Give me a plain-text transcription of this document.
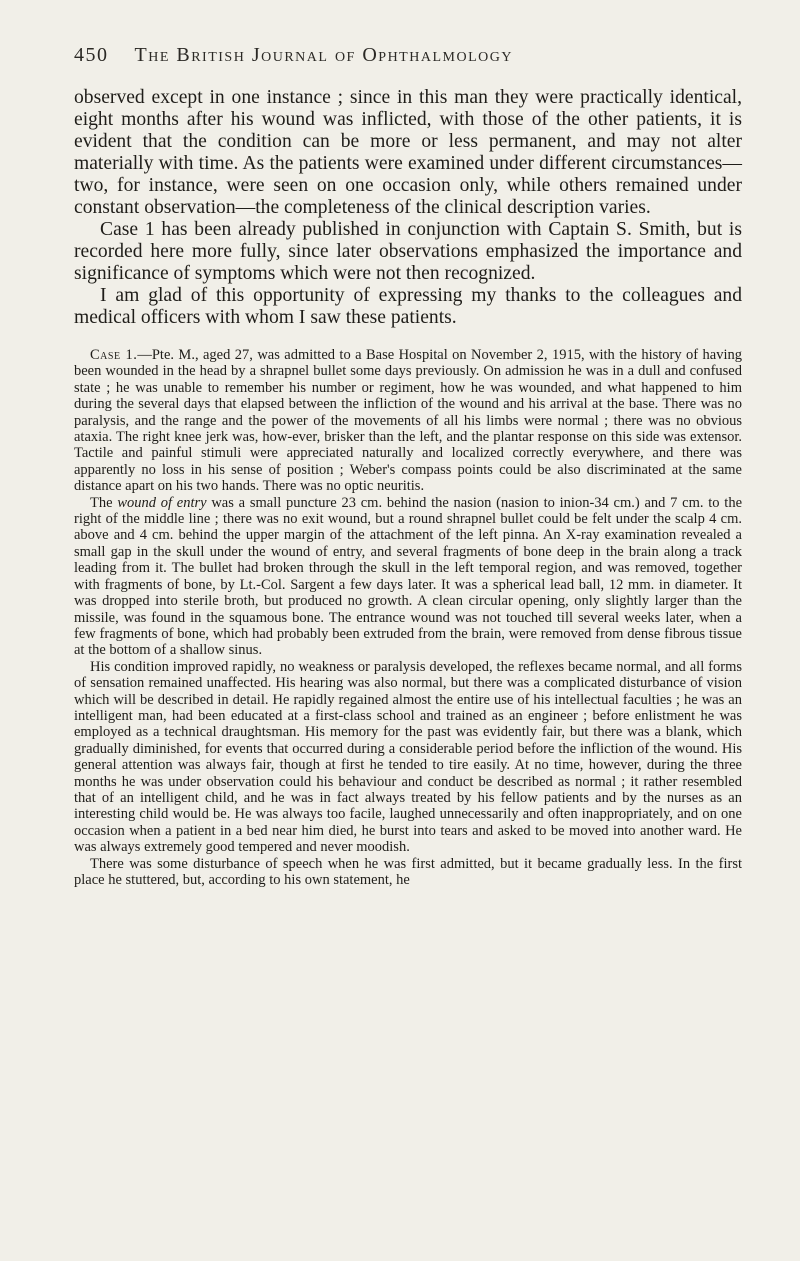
450 The British Journal of Ophthalmology

observed except in one instance ; since in this man they were practically identical, eight months after his wound was inflicted, with those of the other patients, it is evident that the condition can be more or less permanent, and may not alter materially with time. As the patients were examined under different circumstances—two, for instance, were seen on one occasion only, while others remained under constant observation—the completeness of the clinical description varies.

Case 1 has been already published in conjunction with Captain S. Smith, but is recorded here more fully, since later observations emphasized the importance and significance of symptoms which were not then recognized.

I am glad of this opportunity of expressing my thanks to the colleagues and medical officers with whom I saw these patients.

Case 1.—Pte. M., aged 27, was admitted to a Base Hospital on November 2, 1915, with the history of having been wounded in the head by a shrapnel bullet some days previously. On admission he was in a dull and confused state ; he was unable to remember his number or regiment, how he was wounded, and what happened to him during the several days that elapsed between the infliction of the wound and his arrival at the base. There was no paralysis, and the range and the power of the movements of all his limbs were normal ; there was no obvious ataxia. The right knee jerk was, how-ever, brisker than the left, and the plantar response on this side was extensor. Tactile and painful stimuli were appreciated naturally and localized correctly everywhere, and there was apparently no loss in his sense of position ; Weber's compass points could be also discriminated at the same distance apart on his two hands. There was no optic neuritis.

The wound of entry was a small puncture 23 cm. behind the nasion (nasion to inion-34 cm.) and 7 cm. to the right of the middle line ; there was no exit wound, but a round shrapnel bullet could be felt under the scalp 4 cm. above and 4 cm. behind the upper margin of the attachment of the left pinna. An X-ray examination revealed a small gap in the skull under the wound of entry, and several fragments of bone deep in the brain along a track leading from it. The bullet had broken through the skull in the left temporal region, and was removed, together with fragments of bone, by Lt.-Col. Sargent a few days later. It was a spherical lead ball, 12 mm. in diameter. It was dropped into sterile broth, but produced no growth. A clean circular opening, only slightly larger than the missile, was found in the squamous bone. The entrance wound was not touched till several weeks later, when a few fragments of bone, which had probably been extruded from the brain, were removed from dense fibrous tissue at the bottom of a shallow sinus.

His condition improved rapidly, no weakness or paralysis developed, the reflexes became normal, and all forms of sensation remained unaffected. His hearing was also normal, but there was a complicated disturbance of vision which will be described in detail. He rapidly regained almost the entire use of his intellectual faculties ; he was an intelligent man, had been educated at a first-class school and trained as an engineer ; before enlistment he was employed as a technical draughtsman. His memory for the past was evidently fair, but there was a blank, which gradually diminished, for events that occurred during a considerable period before the infliction of the wound. His general attention was always fair, though at first he tended to tire easily. At no time, however, during the three months he was under observation could his behaviour and conduct be described as normal ; it rather resembled that of an intelligent child, and he was in fact always treated by his fellow patients and by the nurses as an interesting child would be. He was always too facile, laughed unnecessarily and often inappropriately, and on one occasion when a patient in a bed near him died, he burst into tears and asked to be moved into another ward. He was always extremely good tempered and never moodish.

There was some disturbance of speech when he was first admitted, but it became gradually less. In the first place he stuttered, but, according to his own statement, he
